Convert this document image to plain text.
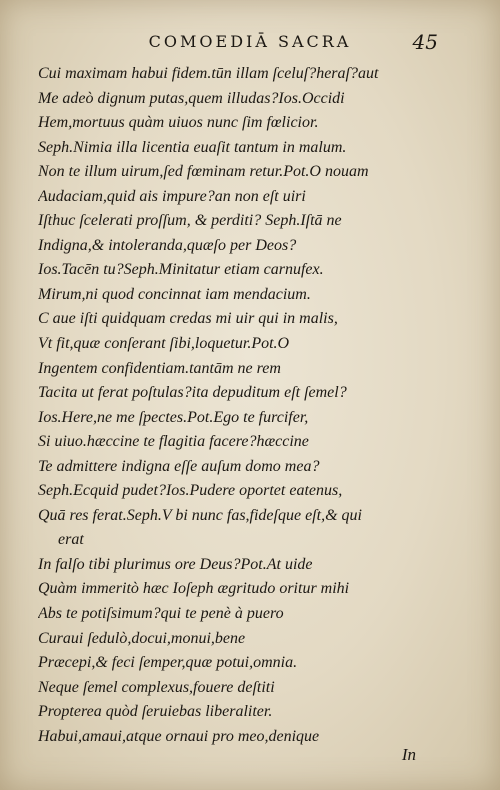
COMOEDIĀ SACRA	45
Cui maximam habui fidem.tūn illam ſceluſ?heraſ?aut
Me adeò dignum putas,quem illudas?Ios.Occidi
Hem,mortuus quàm uiuos nunc ſim fœlicior.
Seph.Nimia illa licentia euaſit tantum in malum.
Non te illum uirum,ſed fœminam retur.Pot.O nouam
Audaciam,quid ais impure?an non eſt uiri
Iſthuc ſcelerati proſſum, & perditi? Seph.Iſtā ne
Indigna,& intoleranda,quæſo per Deos?
Ios.Tacēn tu?Seph.Minitatur etiam carnufex.
Mirum,ni quod concinnat iam mendacium.
C aue iſti quidquam credas mi uir qui in malis,
Vt fit,quæ conſerant ſibi,loquetur.Pot.O
Ingentem confidentiam.tantām ne rem
Tacita ut ferat poſtulas?ita depuditum eſt ſemel?
Ios.Here,ne me ſpectes.Pot.Ego te furcifer,
Si uiuo.hæccine te flagitia facere?hæccine
Te admittere indigna eſſe auſum domo mea?
Seph.Ecquid pudet?Ios.Pudere oportet eatenus,
Quā res ferat.Seph.V bi nunc fas,fideſque eſt,& qui
erat
In falſo tibi plurimus ore Deus?Pot.At uide
Quàm immeritò hæc Ioſeph ægritudo oritur mihi
Abs te potiſsimum?qui te penè à puero
Curaui ſedulò,docui,monui,bene
Præcepi,& feci ſemper,quæ potui,omnia.
Neque ſemel complexus,fouere deſtiti
Propterea quòd ſeruiebas liberaliter.
Habui,amaui,atque ornaui pro meo,denique
In
